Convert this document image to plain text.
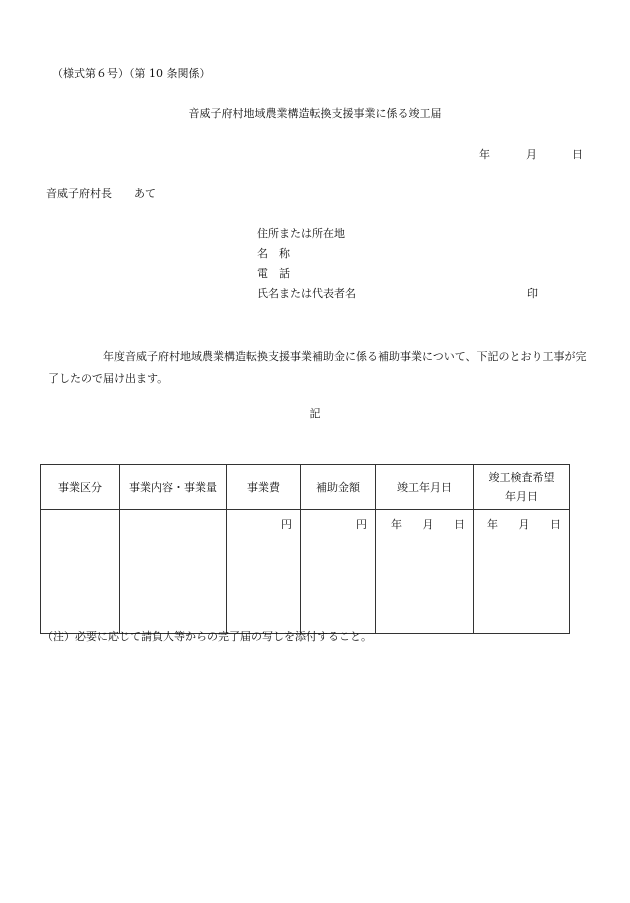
（様式第６号）（第 10 条関係）
音威子府村地域農業構造転換支援事業に係る竣工届
年	月	日
音威子府村長　　あて
住所または所在地
名　称
電　話
氏名または代表者名	印
　　　　　年度音威子府村地域農業構造転換支援事業補助金に係る補助事業について、下記のとおり工事が完了したので届け出ます。
記
事業区分	事業内容・事業量	事業費	補助金額	竣工年月日	竣工検査希望
年月日

		円	円	年　 月　 日	年　 月　 日
（注）必要に応じて請負人等からの完了届の写しを添付すること。
